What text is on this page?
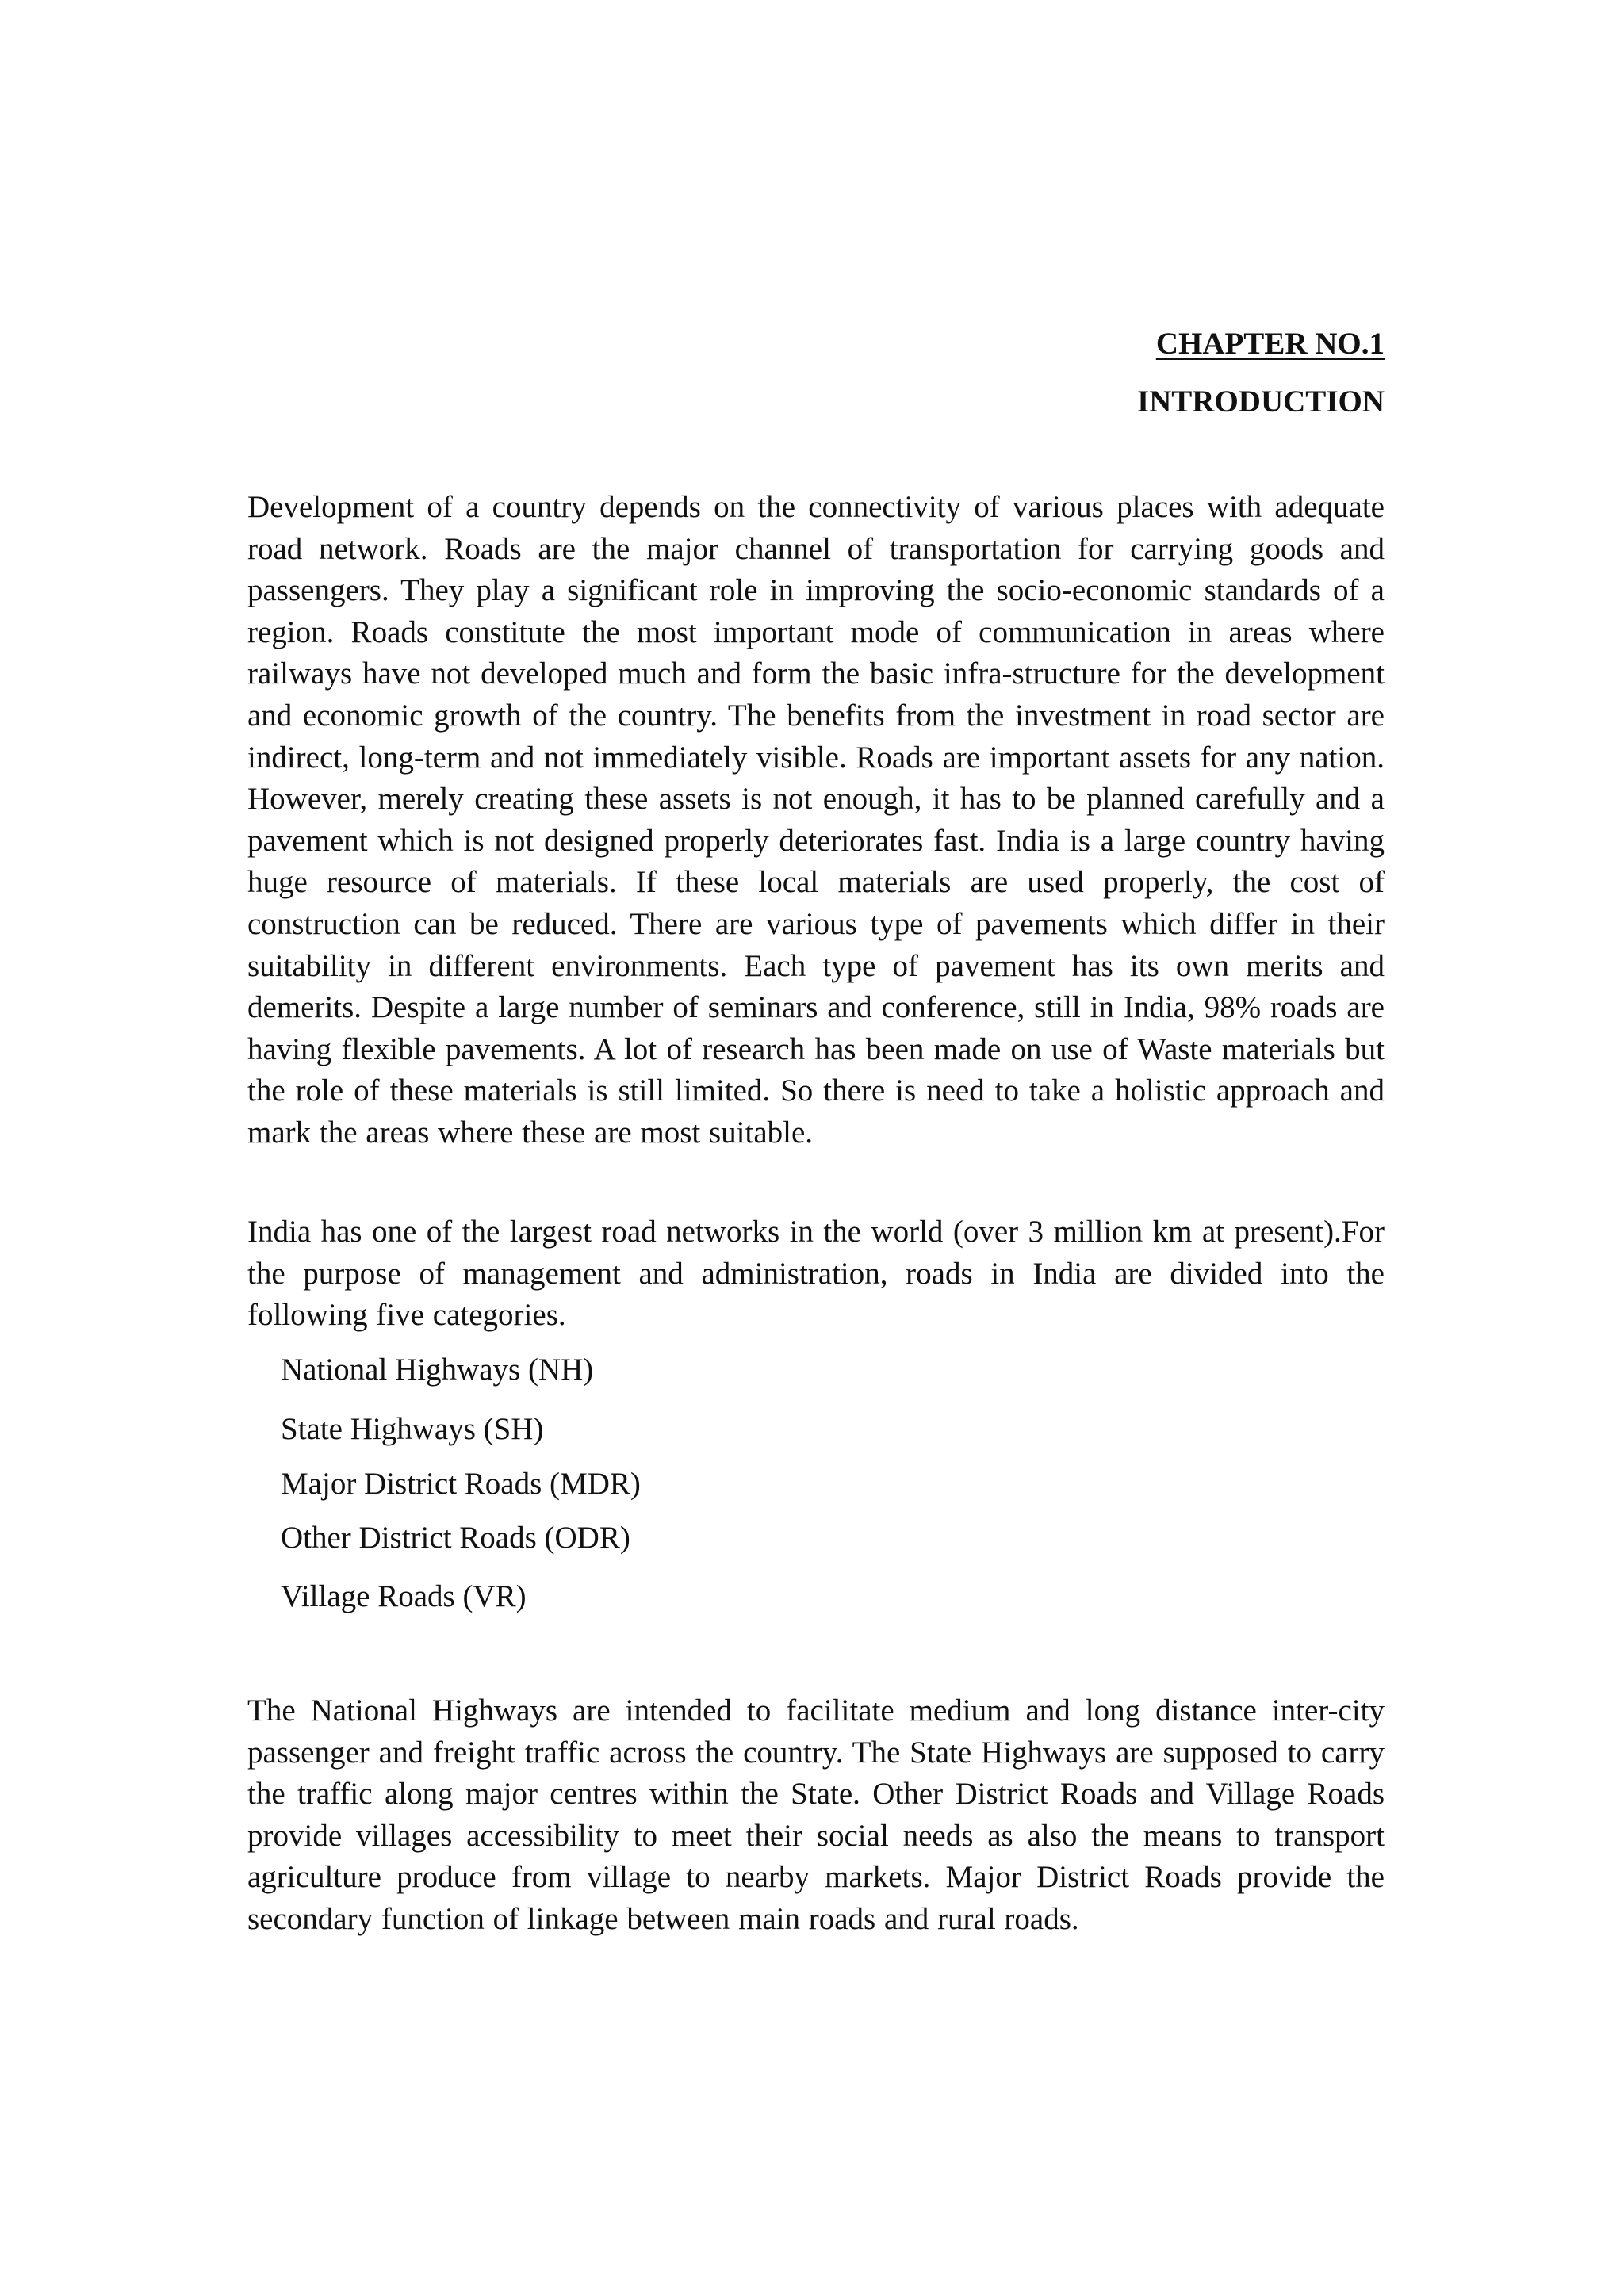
CHAPTER NO.1
INTRODUCTION

Development of a country depends on the connectivity of various places with adequate road network. Roads are the major channel of transportation for carrying goods and passengers. They play a significant role in improving the socio-economic standards of a region. Roads constitute the most important mode of communication in areas where railways have not developed much and form the basic infra-structure for the development and economic growth of the country. The benefits from the investment in road sector are indirect, long-term and not immediately visible. Roads are important assets for any nation. However, merely creating these assets is not enough, it has to be planned carefully and a pavement which is not designed properly deteriorates fast. India is a large country having huge resource of materials. If these local materials are used properly, the cost of construction can be reduced. There are various type of pavements which differ in their suitability in different environments. Each type of pavement has its own merits and demerits. Despite a large number of seminars and conference, still in India, 98% roads are having flexible pavements. A lot of research has been made on use of Waste materials but the role of these materials is still limited. So there is need to take a holistic approach and mark the areas where these are most suitable.

India has one of the largest road networks in the world (over 3 million km at present).For the purpose of management and administration, roads in India are divided into the following five categories.

National Highways (NH)
State Highways (SH)
Major District Roads (MDR)
Other District Roads (ODR)
Village Roads (VR)

The National Highways are intended to facilitate medium and long distance inter-city passenger and freight traffic across the country. The State Highways are supposed to carry the traffic along major centres within the State. Other District Roads and Village Roads provide villages accessibility to meet their social needs as also the means to transport agriculture produce from village to nearby markets. Major District Roads provide the secondary function of linkage between main roads and rural roads.
